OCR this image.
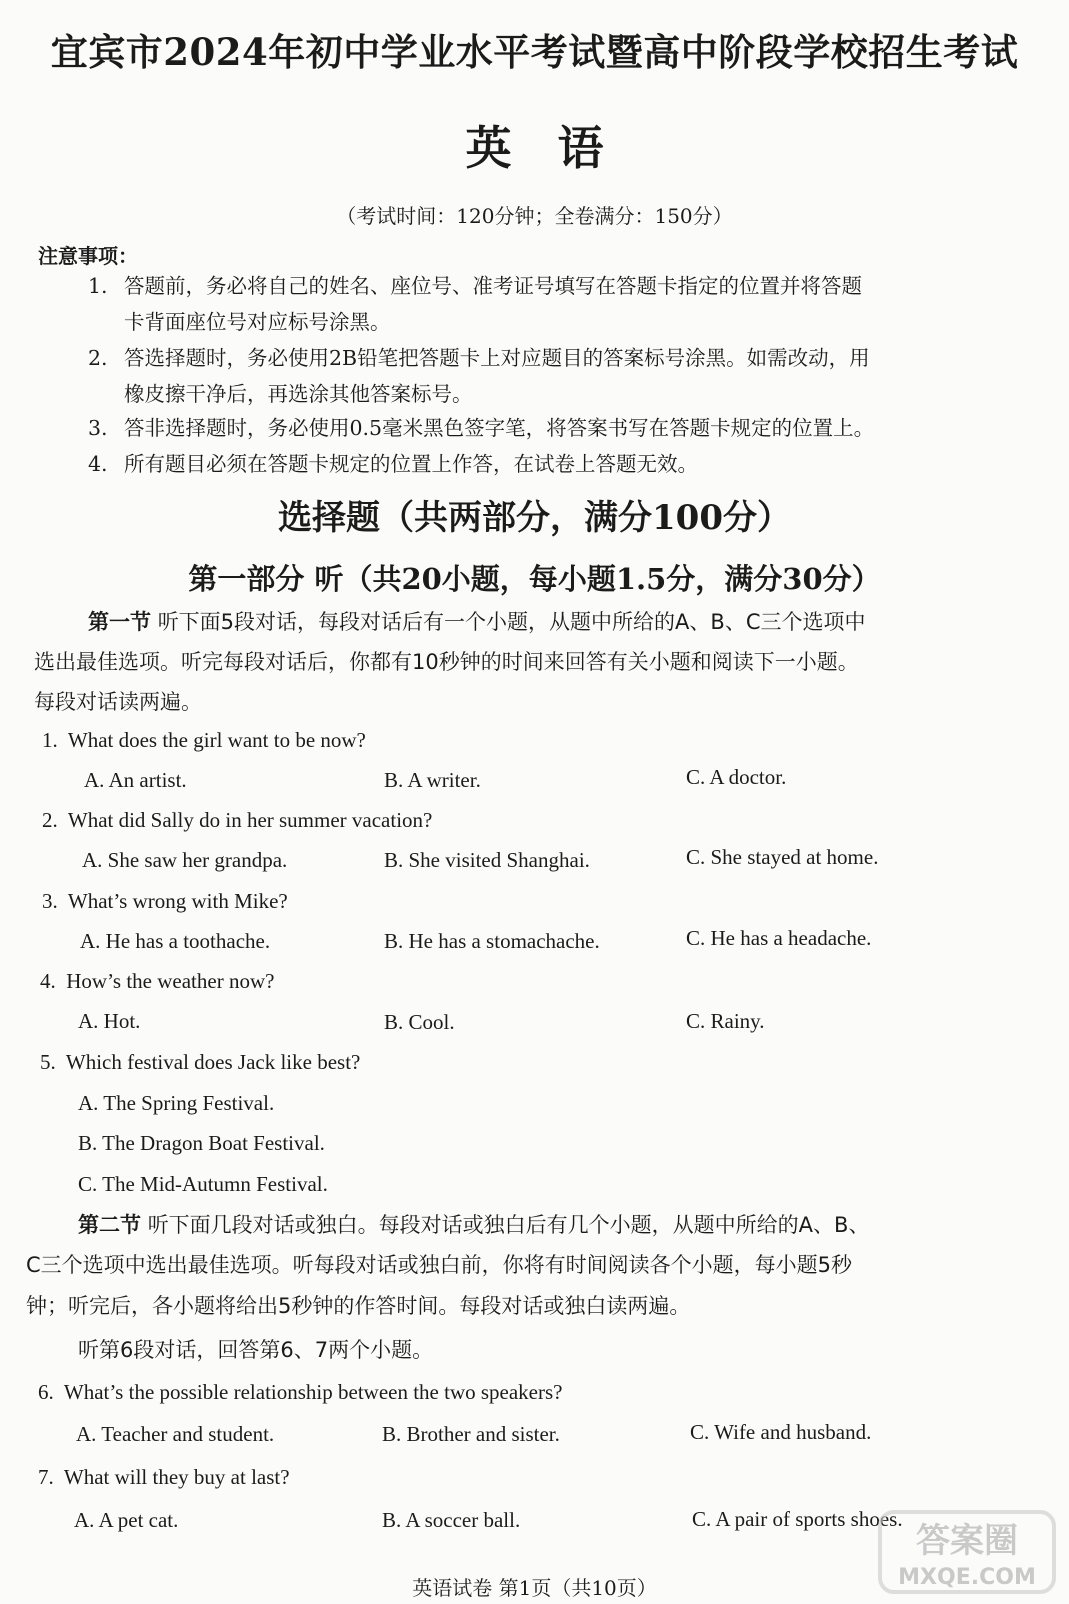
宜宾市2024年初中学业水平考试暨高中阶段学校招生考试
英语
（考试时间：120分钟；全卷满分：150分）
注意事项：
1. 答题前，务必将自己的姓名、座位号、准考证号填写在答题卡指定的位置并将答题
卡背面座位号对应标号涂黑。
2. 答选择题时，务必使用2B铅笔把答题卡上对应题目的答案标号涂黑。如需改动，用
橡皮擦干净后，再选涂其他答案标号。
3. 答非选择题时，务必使用0.5毫米黑色签字笔，将答案书写在答题卡规定的位置上。
4. 所有题目必须在答题卡规定的位置上作答，在试卷上答题无效。
选择题（共两部分，满分100分）
第一部分 听（共20小题，每小题1.5分，满分30分）
第一节 听下面5段对话，每段对话后有一个小题，从题中所给的A、B、C三个选项中
选出最佳选项。听完每段对话后，你都有10秒钟的时间来回答有关小题和阅读下一小题。
每段对话读两遍。
1. What does the girl want to be now?
A. An artist.	B. A writer.	C. A doctor.
2. What did Sally do in her summer vacation?
A. She saw her grandpa.	B. She visited Shanghai.	C. She stayed at home.
3. What’s wrong with Mike?
A. He has a toothache.	B. He has a stomachache.	C. He has a headache.
4. How’s the weather now?
A. Hot.	B. Cool.	C. Rainy.
5. Which festival does Jack like best?
A. The Spring Festival.
B. The Dragon Boat Festival.
C. The Mid-Autumn Festival.
第二节 听下面几段对话或独白。每段对话或独白后有几个小题，从题中所给的A、B、
C三个选项中选出最佳选项。听每段对话或独白前，你将有时间阅读各个小题，每小题5秒
钟；听完后，各小题将给出5秒钟的作答时间。每段对话或独白读两遍。
听第6段对话，回答第6、7两个小题。
6. What’s the possible relationship between the two speakers?
A. Teacher and student.	B. Brother and sister.	C. Wife and husband.
7. What will they buy at last?
A. A pet cat.	B. A soccer ball.	C. A pair of sports shoes.
答案圈
MXQE.COM
英语试卷 第1页（共10页）
